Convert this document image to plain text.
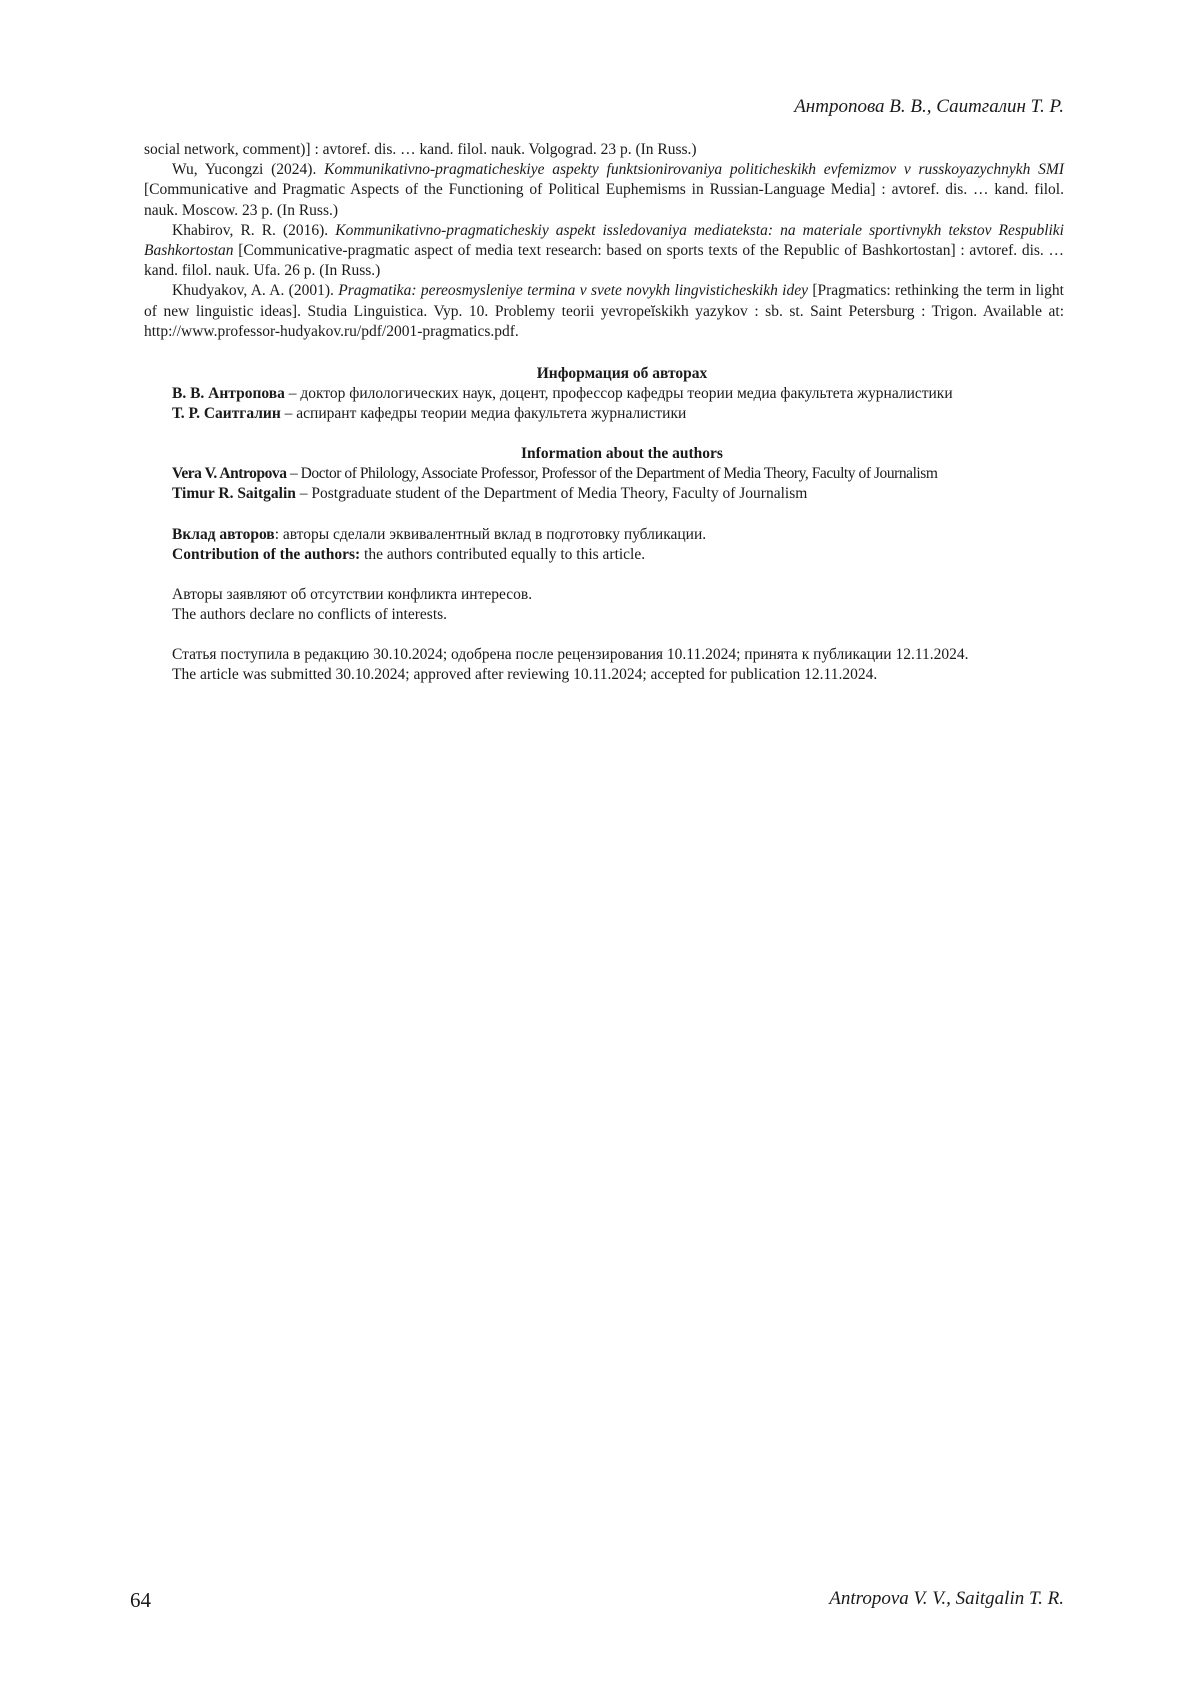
Антропова В. В., Саитгалин Т. Р.

social network, comment)] : avtoref. dis. … kand. filol. nauk. Volgograd. 23 p. (In Russ.)

Wu, Yucongzi (2024). Kommunikativno-pragmaticheskiye aspekty funktsionirovaniya politicheskikh evfemizmov v russkoyazychnykh SMI [Communicative and Pragmatic Aspects of the Functioning of Political Euphemisms in Russian-Language Media] : avtoref. dis. … kand. filol. nauk. Moscow. 23 p. (In Russ.)

Khabirov, R. R. (2016). Kommunikativno-pragmaticheskiy aspekt issledovaniya mediateksta: na materiale sportivnykh tekstov Respubliki Bashkortostan [Communicative-pragmatic aspect of media text research: based on sports texts of the Republic of Bashkortostan] : avtoref. dis. … kand. filol. nauk. Ufa. 26 p. (In Russ.)

Khudyakov, A. A. (2001). Pragmatika: pereosmysleniye termina v svete novykh lingvisticheskikh idey [Pragmatics: rethinking the term in light of new linguistic ideas]. Studia Linguistica. Vyp. 10. Problemy teorii yevropeĭskikh yazykov : sb. st. Saint Petersburg : Trigon. Available at: http://www.professor-hudyakov.ru/pdf/2001-pragmatics.pdf.

Информация об авторах

В. В. Антропова – доктор филологических наук, доцент, профессор кафедры теории медиа факультета журналистики

Т. Р. Саитгалин – аспирант кафедры теории медиа факультета журналистики

Information about the authors

Vera V. Antropova – Doctor of Philology, Associate Professor, Professor of the Department of Media Theory, Faculty of Journalism

Timur R. Saitgalin – Postgraduate student of the Department of Media Theory, Faculty of Journalism

Вклад авторов: авторы сделали эквивалентный вклад в подготовку публикации.

Contribution of the authors: the authors contributed equally to this article.

Авторы заявляют об отсутствии конфликта интересов.

The authors declare no conflicts of interests.

Статья поступила в редакцию 30.10.2024; одобрена после рецензирования 10.11.2024; принята к публикации 12.11.2024.

The article was submitted 30.10.2024; approved after reviewing 10.11.2024; accepted for publication 12.11.2024.

64	Antropova V. V., Saitgalin T. R.
